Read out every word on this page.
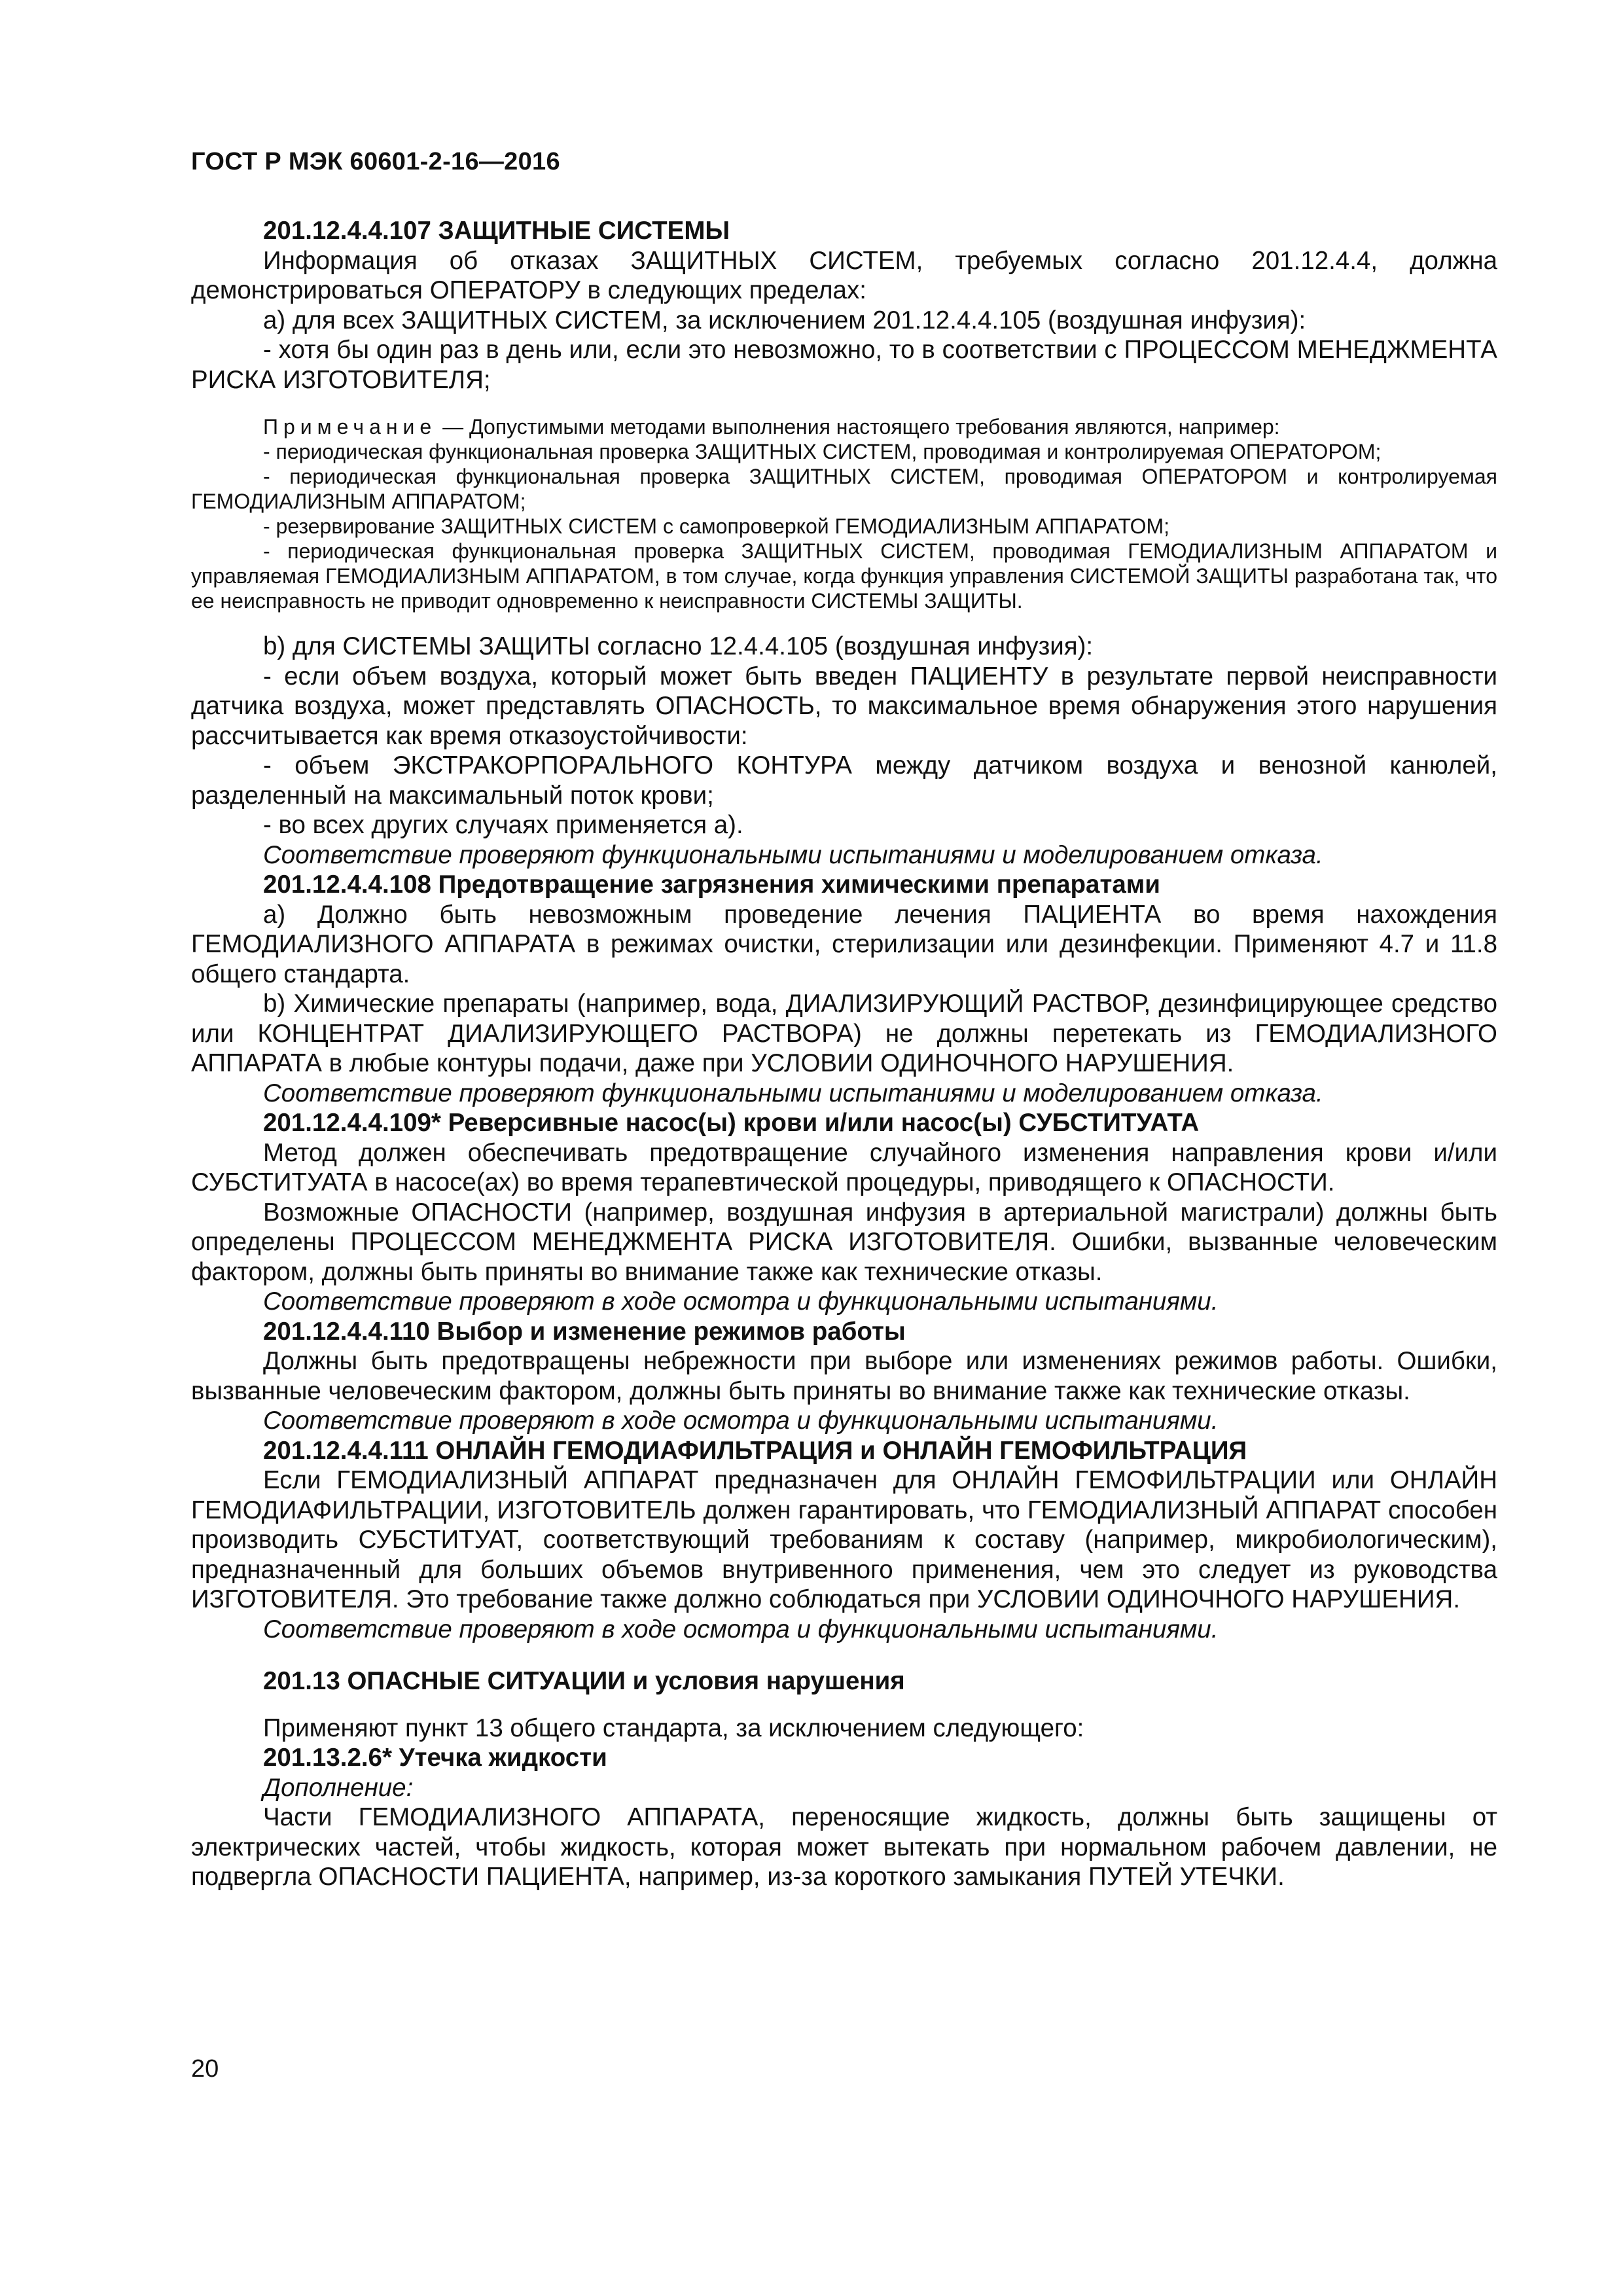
ГОСТ Р МЭК 60601-2-16—2016

201.12.4.4.107 ЗАЩИТНЫЕ СИСТЕМЫ

Информация об отказах ЗАЩИТНЫХ СИСТЕМ, требуемых согласно 201.12.4.4, должна демонстрироваться ОПЕРАТОРУ в следующих пределах:

a) для всех ЗАЩИТНЫХ СИСТЕМ, за исключением 201.12.4.4.105 (воздушная инфузия):

- хотя бы один раз в день или, если это невозможно, то в соответствии с ПРОЦЕССОМ МЕНЕДЖМЕНТА РИСКА ИЗГОТОВИТЕЛЯ;

Примечание — Допустимыми методами выполнения настоящего требования являются, например:

- периодическая функциональная проверка ЗАЩИТНЫХ СИСТЕМ, проводимая и контролируемая ОПЕРАТОРОМ;

- периодическая функциональная проверка ЗАЩИТНЫХ СИСТЕМ, проводимая ОПЕРАТОРОМ и контролируемая ГЕМОДИАЛИЗНЫМ АППАРАТОМ;

- резервирование ЗАЩИТНЫХ СИСТЕМ с самопроверкой ГЕМОДИАЛИЗНЫМ АППАРАТОМ;

- периодическая функциональная проверка ЗАЩИТНЫХ СИСТЕМ, проводимая ГЕМОДИАЛИЗНЫМ АППАРАТОМ и управляемая ГЕМОДИАЛИЗНЫМ АППАРАТОМ, в том случае, когда функция управления СИСТЕМОЙ ЗАЩИТЫ разработана так, что ее неисправность не приводит одновременно к неисправности СИСТЕМЫ ЗАЩИТЫ.

b) для СИСТЕМЫ ЗАЩИТЫ согласно 12.4.4.105 (воздушная инфузия):

- если объем воздуха, который может быть введен ПАЦИЕНТУ в результате первой неисправности датчика воздуха, может представлять ОПАСНОСТЬ, то максимальное время обнаружения этого нарушения рассчитывается как время отказоустойчивости:

- объем ЭКСТРАКОРПОРАЛЬНОГО КОНТУРА между датчиком воздуха и венозной канюлей, разделенный на максимальный поток крови;

- во всех других случаях применяется а).

Соответствие проверяют функциональными испытаниями и моделированием отказа.

201.12.4.4.108 Предотвращение загрязнения химическими препаратами

a) Должно быть невозможным проведение лечения ПАЦИЕНТА во время нахождения ГЕМОДИАЛИЗНОГО АППАРАТА в режимах очистки, стерилизации или дезинфекции. Применяют 4.7 и 11.8 общего стандарта.

b) Химические препараты (например, вода, ДИАЛИЗИРУЮЩИЙ РАСТВОР, дезинфицирующее средство или КОНЦЕНТРАТ ДИАЛИЗИРУЮЩЕГО РАСТВОРА) не должны перетекать из ГЕМОДИАЛИЗНОГО АППАРАТА в любые контуры подачи, даже при УСЛОВИИ ОДИНОЧНОГО НАРУШЕНИЯ.

Соответствие проверяют функциональными испытаниями и моделированием отказа.

201.12.4.4.109* Реверсивные насос(ы) крови и/или насос(ы) СУБСТИТУАТА

Метод должен обеспечивать предотвращение случайного изменения направления крови и/или СУБСТИТУАТА в насосе(ах) во время терапевтической процедуры, приводящего к ОПАСНОСТИ.

Возможные ОПАСНОСТИ (например, воздушная инфузия в артериальной магистрали) должны быть определены ПРОЦЕССОМ МЕНЕДЖМЕНТА РИСКА ИЗГОТОВИТЕЛЯ. Ошибки, вызванные человеческим фактором, должны быть приняты во внимание также как технические отказы.

Соответствие проверяют в ходе осмотра и функциональными испытаниями.

201.12.4.4.110 Выбор и изменение режимов работы

Должны быть предотвращены небрежности при выборе или изменениях режимов работы. Ошибки, вызванные человеческим фактором, должны быть приняты во внимание также как технические отказы.

Соответствие проверяют в ходе осмотра и функциональными испытаниями.

201.12.4.4.111 ОНЛАЙН ГЕМОДИАФИЛЬТРАЦИЯ и ОНЛАЙН ГЕМОФИЛЬТРАЦИЯ

Если ГЕМОДИАЛИЗНЫЙ АППАРАТ предназначен для ОНЛАЙН ГЕМОФИЛЬТРАЦИИ или ОНЛАЙН ГЕМОДИАФИЛЬТРАЦИИ, ИЗГОТОВИТЕЛЬ должен гарантировать, что ГЕМОДИАЛИЗНЫЙ АППАРАТ способен производить СУБСТИТУАТ, соответствующий требованиям к составу (например, микробиологическим), предназначенный для больших объемов внутривенного применения, чем это следует из руководства ИЗГОТОВИТЕЛЯ. Это требование также должно соблюдаться при УСЛОВИИ ОДИНОЧНОГО НАРУШЕНИЯ.

Соответствие проверяют в ходе осмотра и функциональными испытаниями.

201.13 ОПАСНЫЕ СИТУАЦИИ и условия нарушения

Применяют пункт 13 общего стандарта, за исключением следующего:

201.13.2.6* Утечка жидкости

Дополнение:

Части ГЕМОДИАЛИЗНОГО АППАРАТА, переносящие жидкость, должны быть защищены от электрических частей, чтобы жидкость, которая может вытекать при нормальном рабочем давлении, не подвергла ОПАСНОСТИ ПАЦИЕНТА, например, из-за короткого замыкания ПУТЕЙ УТЕЧКИ.

20
